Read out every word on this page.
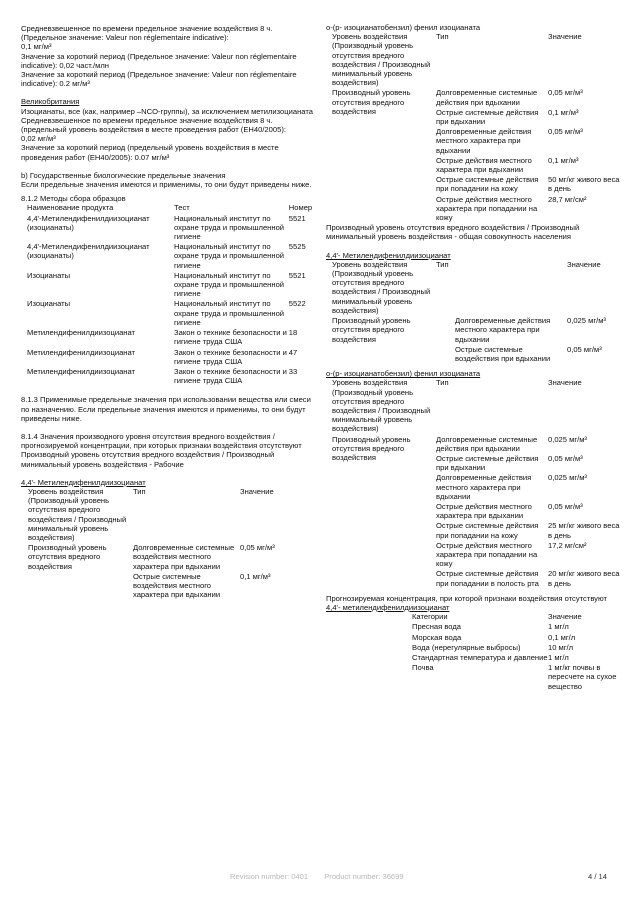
Средневзвешенное по времени предельное значение воздействия 8 ч. (Предельное значение: Valeur non réglementaire indicative):

0,1 мг/м³

Значение за короткий период (Предельное значение: Valeur non réglementaire indicative): 0,02 част./млн

Значение за короткий период (Предельное значение: Valeur non réglementaire indicative): 0.2 мг/м³

Великобритания

Изоцианаты, все (как, например –NCO-группы), за исключением метилизоцианата

Средневзвешенное по времени предельное значение воздействия 8 ч. (предельный уровень воздействия в месте проведения работ (EH40/2005):

0,02 мг/м³

Значение за короткий период (предельный уровень воздействия в месте проведения работ (EH40/2005): 0.07 мг/м³

b) Государственные биологические предельные значения

Если предельные значения имеются и применимы, то они будут приведены ниже.

8.1.2 Методы сбора образцов

Наименование продукта	Тест	Номер
4,4'-Метилендифенилдиизоцианат (изоцианаты)	Национальный институт по охране труда и промышленной гигиене	5521
4,4'-Метилендифенилдиизоцианат (изоцианаты)	Национальный институт по охране труда и промышленной гигиене	5525
Изоцианаты	Национальный институт по охране труда и промышленной гигиене	5521
Изоцианаты	Национальный институт по охране труда и промышленной гигиене	5522
Метилендифенилдиизоцианат	Закон о технике безопасности и гигиене труда США	18
Метилендифенилдиизоцианат	Закон о технике безопасности и гигиене труда США	47
Метилендифенилдиизоцианат	Закон о технике безопасности и гигиене труда США	33

8.1.3 Применимые предельные значения при использовании вещества или смеси по назначению. Если предельные значения имеются и применимы, то они будут приведены ниже.

8.1.4 Значения производного уровня отсутствия вредного воздействия / прогнозируемой концентрации, при которых признаки воздействия отсутствуют

Производный уровень отсутствия вредного воздействия / Производный минимальный уровень воздействия - Рабочие

4,4'- Метилендифенилдиизоцианат

Уровень воздействия (Производный уровень отсутствия вредного воздействия / Производный минимальный уровень воздействия)	Тип	Значение
Производный уровень отсутствия вредного воздействия	Долговременные системные воздействия местного характера при вдыхании	0,05 мг/м³
	Острые системные воздействия местного характера при вдыхании	0,1 мг/м³

о-(р- изоцианатобензил) фенил изоцианата

Уровень воздействия (Производный уровень отсутствия вредного воздействия / Производный минимальный уровень воздействия)	Тип	Значение
Производный уровень отсутствия вредного воздействия	Долговременные системные действия при вдыхании	0,05 мг/м³
	Острые системные действия при вдыхании	0,1 мг/м³
	Долговременные действия местного характера при вдыхании	0,05 мг/м³
	Острые действия местного характера при вдыхании	0,1 мг/м³
	Острые системные действия при попадании на кожу	50 мг/кг живого веса в день
	Острые действия местного характера при попадании на кожу	28,7 мг/см²

Производный уровень отсутствия вредного воздействия / Производный минимальный уровень воздействия - общая совокупность населения

4,4'- Метилендифенилдиизоцианат

Уровень воздействия (Производный уровень отсутствия вредного воздействия / Производный минимальный уровень воздействия)	Тип	Значение
Производный уровень отсутствия вредного воздействия	Долговременные действия местного характера при вдыхании	0,025 мг/м³
	Острые системные воздействия при вдыхании	0,05 мг/м³

о-(р- изоцианатобензил) фенил изоцианата

Уровень воздействия (Производный уровень отсутствия вредного воздействия / Производный минимальный уровень воздействия)	Тип	Значение
Производный уровень отсутствия вредного воздействия	Долговременные системные действия при вдыхании	0,025 мг/м³
	Острые системные действия при вдыхании	0,05 мг/м³
	Долговременные действия местного характера при вдыхании	0,025 мг/м³
	Острые действия местного характера при вдыхании	0,05 мг/м³
	Острые системные действия при попадании на кожу	25 мг/кг живого веса в день
	Острые действия местного характера при попадании на кожу	17,2 мг/см²
	Острые системные действия при попадании в полость рта	20 мг/кг живого веса в день

Прогнозируемая концентрация, при которой признаки воздействия отсутствуют

4,4'- метилендифенилдиизоцианат

Категории	Значение
Пресная вода	1 мг/л
Морская вода	0,1 мг/л
Вода (нерегулярные выбросы)	10 мг/л
Стандартная температура и давление	1 мг/л
Почва	1 мг/кг почвы в пересчете на сухое вещество
Revision number: 0401 Product number: 36699	4 / 14
